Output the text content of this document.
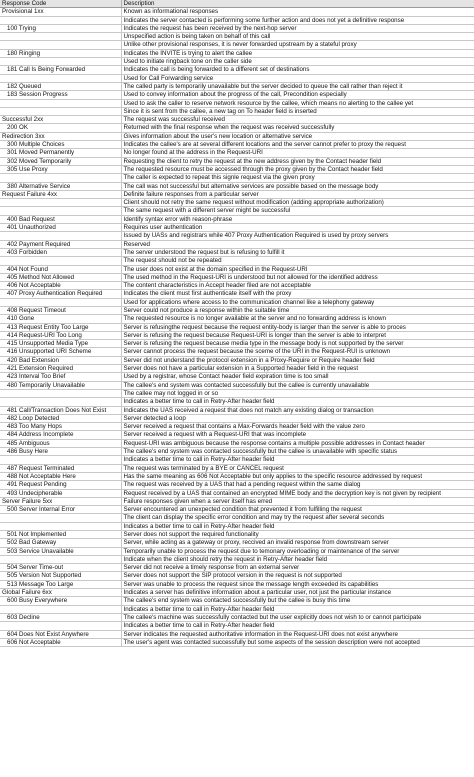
Response Code	Description
Provisional 1xx	Known as informational responses
	Indicates the server contacted is performing some further action and does not yet a definitive response
100 Trying	Indicates the request has been received by the next-hop server
	Unspecified action is being taken on behalf of this call
	Unlike other provisional responses, it is never forwarded upstream by a stateful proxy
180 Ringing	Indicates the INVITE is trying to alert the callee
	Used to initiate ringback tone on the caller side
181 Call Is Being Forwarded	Indicates the call is being forwarded to a different set of destinations
	Used for Call Forwarding service
182 Queued	The called party is temporarily unavailable but the server decided to queue the call rather than reject it
183 Session Progress	Used to convey information about the progress of the call, Precondition especially
	Used to ask the caller to reserve network resource by the callee, which means no alerting to the callee yet
	Since it is sent from the callee, a new tag on To header field is inserted
Successful 2xx	The request was successful received
200 OK	Returned with the final response when the request was received successfully
Redirection 3xx	Gives information about the user's new location or alternative service
300 Multiple Choices	Indicates the callee's are at several different locations and the server cannot prefer to proxy the request
301 Moved Permanently	No longer found at the address in the Request-URI
302 Moved Temporarily	Requesting the client to retry the request at the new address given by the Contact header field
305 Use Proxy	The requested resource must be accessed through the proxy given by the Contact header field
	The caller is expected to repeat this signle request via the given proxy
380 Alternative Service	The call was not successful but alternative services are possible based on the message body
Request Failure 4xx	Definite failure responses from a particular server
	Client should not retry the same request without modification (adding appropriate authorization)
	The same request with a different server might be successful
400 Bad Request	Identify syntax error with reason-phrase
401 Unauthorized	Requires user authentication
	Issued by UASs and registrars while 407 Proxy Authentication Required is used by proxy servers
402 Payment Required	Reserved
403 Forbidden	The server understood the request but is refusing to fulfill it
	The request should not be repeated
404 Not Found	The user does not exist at the domain specified in the Request-URI
405 Method Not Allowed	The used method in the Request-URI is understood but not allowed for the identified address
406 Not Acceptable	The content characteristics in Accept header filed are not acceptable
407 Proxy Authentication Required	Indicates the client must first authenticate itself with the proxy
	Used for applications where access to the communication channel like a telephony gateway
408 Request Timeout	Server could not produce a response within the suitable time
410 Gone	The requested resource is no longer available at the server and no forwarding address is known
413 Request Entity Too Large	Server is refusingthe request because the request entity-body is larger than the server is able to proces
414 Request-URI Too Long	Server is refusing the request because Request-URI is longer than the server is able to interpret
415 Unsupported Media Type	Server is refusing the request because media type in the message body is not supported by the server
416 Unsupported URI Scheme	Server cannot process the request because the sceme of the URI in the Request-RUI is unknown
420 Bad Extension	Server did not understand the protocol extension in a Proxy-Require or Require header field
421 Extension Required	Server does not have a particular extension in a Supported header field in the request
423 Interval Too Brief	Used by a registrar, whose Contact header field expiration time is too small
480 Temporarily Unavailable	The callee's end system was contacted successfully but the callee is currently unavailable
	The callee may not logged in or so
	Indicates a better time to call in Retry-After header field
481 Call/Transaction Does Not Exist	Indicates the UAS received a request that does not match any existing dialog or transaction
482 Loop Detected	Server detected a loop
483 Too Many Hops	Server received a request that contains a Max-Forwards header field with the value zero
484 Address Incomplete	Server received a request with a Request-URI that was incomplete
485 Ambiguous	Request-URI was ambiguous because the response contains a multiple possible addresses in Contact header
486 Busy Here	The callee's end system was contacted successfully but the callee is unavailable with specific status
	Indicates a better time to call in Retry-After header field
487 Request Terminated	The request was terminated by a BYE or CANCEL request
488 Not Acceptable Here	Has the same meaning as 606 Not Acceptable but only applies to the specific resource addressed by request
491 Request Pending	The request was received by a UAS that had a pending request within the same dialog
493 Undecipherable	Request received by a UAS that contained an encrypted MIME body and the decryption key is not given by recipient
Server Failure 5xx	Failure responses given when a server itself has erred
500 Server Internal Error	Server encountered an unexpected condition that prevented it from fulfilling the request
	The client can display the specific error condition and may try the request after several seconds
	Indicates a better time to call in Retry-After header field
501 Not Implemented	Server does not support the required functionality
502 Bad Gateway	Server, while acting as a gateway or proxy, reccived an invalid response from downstream server
503 Service Unavailable	Temporarily unable to process the request due to temonary overloading or maintenance of the server
	Indicate when the client should retry the request in Retry-After header field
504 Server Time-out	Server did not receive a timely response from an external server
505 Version Not Supported	Server does not support the SIP protocol version in the request is not supported
513 Message Too Large	Server was unable to process the request since the message length exceeded its capabilities
Global Failure 6xx	Indicates a server has definitive information about a particular user, not just the particular instance
600 Busy Everywhere	The callee's end system was contacted successfully but the callee is busy this time
	Indicates a better time to call in Retry-After header field
603 Decline	The callee's machine was successfully contacted but the user explicitly does not wish to or cannot participate
	Indicates a better time to call in Retry-After header field
604 Does Not Exist Anywhere	Server indicates the requested authoritative information in the Request-URI does not exist anywhere
606 Not Acceptable	The user's agent was contacted successfully but some aspects of the session description were not accepted
